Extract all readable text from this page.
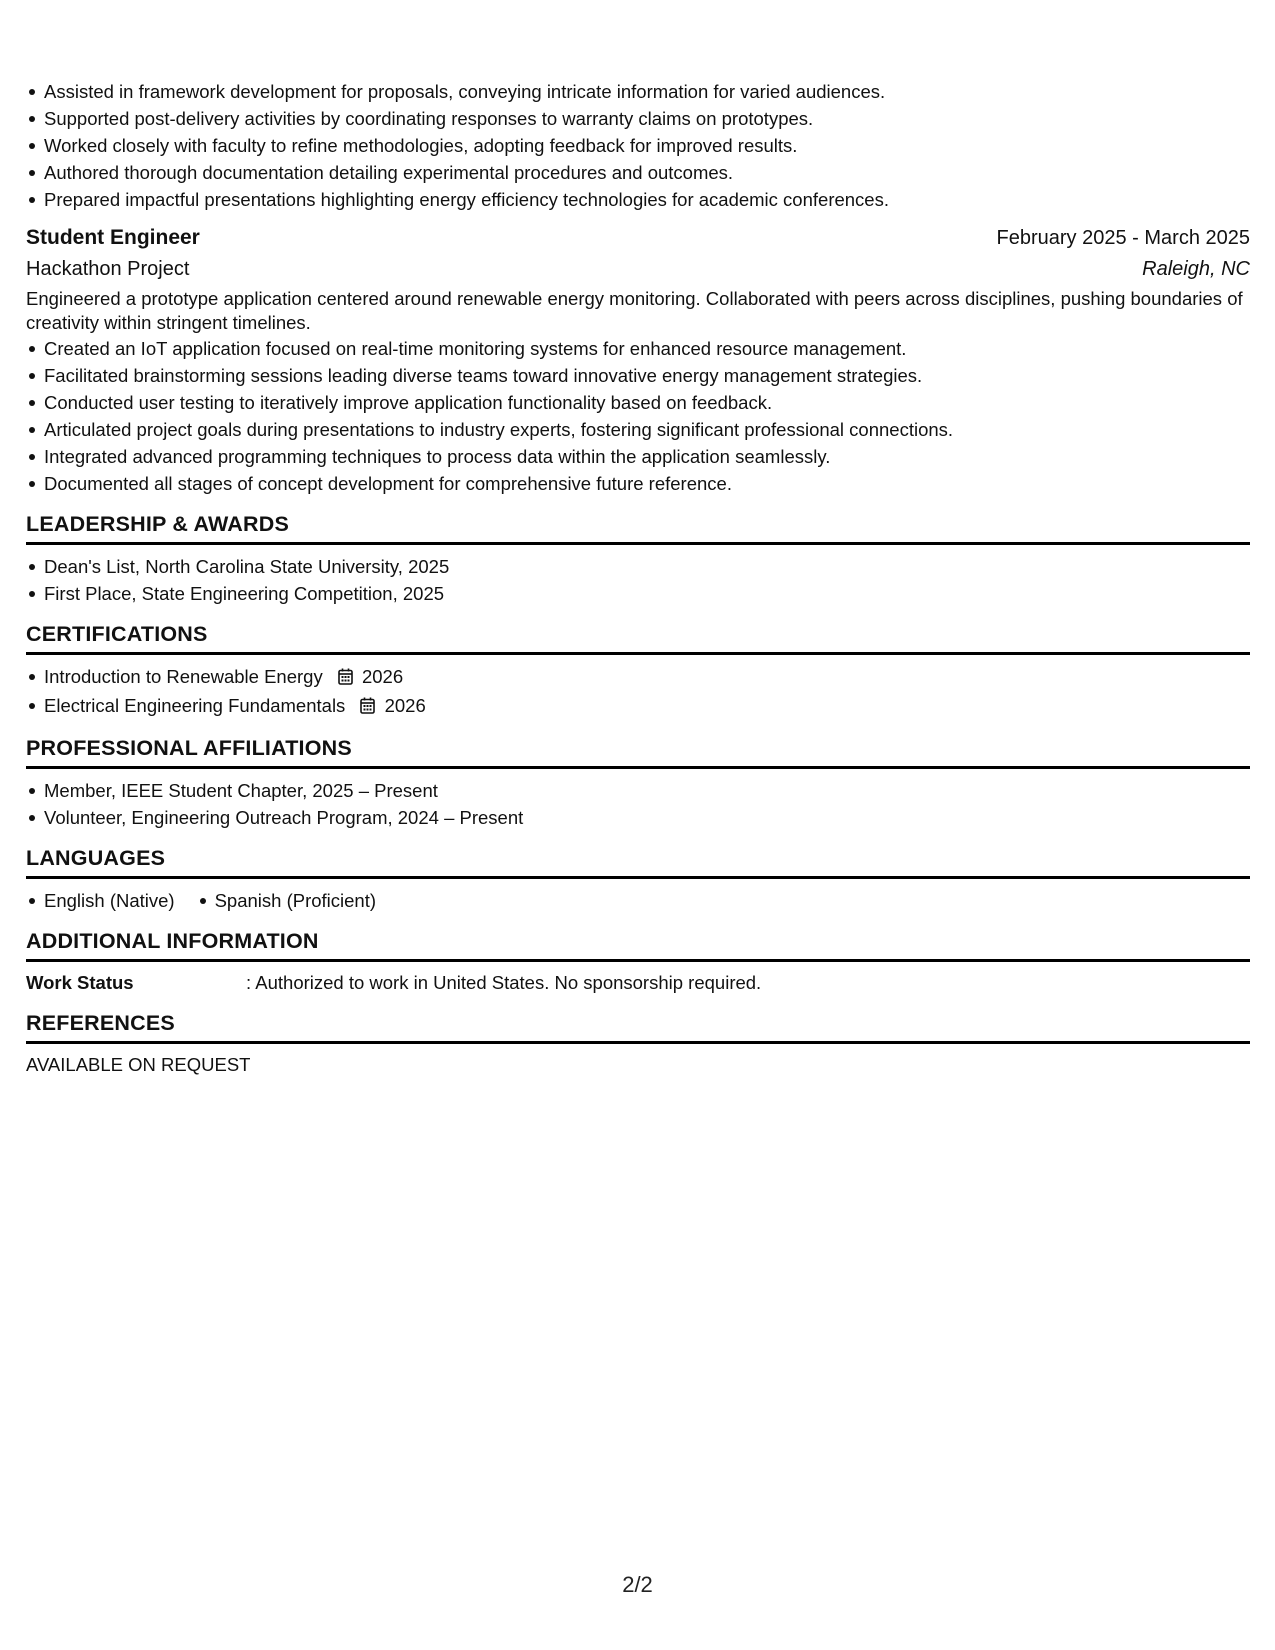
Assisted in framework development for proposals, conveying intricate information for varied audiences.
Supported post-delivery activities by coordinating responses to warranty claims on prototypes.
Worked closely with faculty to refine methodologies, adopting feedback for improved results.
Authored thorough documentation detailing experimental procedures and outcomes.
Prepared impactful presentations highlighting energy efficiency technologies for academic conferences.
Student Engineer	February 2025 - March 2025
Hackathon Project	Raleigh, NC
Engineered a prototype application centered around renewable energy monitoring. Collaborated with peers across disciplines, pushing boundaries of creativity within stringent timelines.
Created an IoT application focused on real-time monitoring systems for enhanced resource management.
Facilitated brainstorming sessions leading diverse teams toward innovative energy management strategies.
Conducted user testing to iteratively improve application functionality based on feedback.
Articulated project goals during presentations to industry experts, fostering significant professional connections.
Integrated advanced programming techniques to process data within the application seamlessly.
Documented all stages of concept development for comprehensive future reference.
LEADERSHIP & AWARDS
Dean's List, North Carolina State University, 2025
First Place, State Engineering Competition, 2025
CERTIFICATIONS
Introduction to Renewable Energy 2026
Electrical Engineering Fundamentals 2026
PROFESSIONAL AFFILIATIONS
Member, IEEE Student Chapter, 2025 – Present
Volunteer, Engineering Outreach Program, 2024 – Present
LANGUAGES
English (Native) Spanish (Proficient)
ADDITIONAL INFORMATION
Work Status	: Authorized to work in United States. No sponsorship required.
REFERENCES
AVAILABLE ON REQUEST
2/2
